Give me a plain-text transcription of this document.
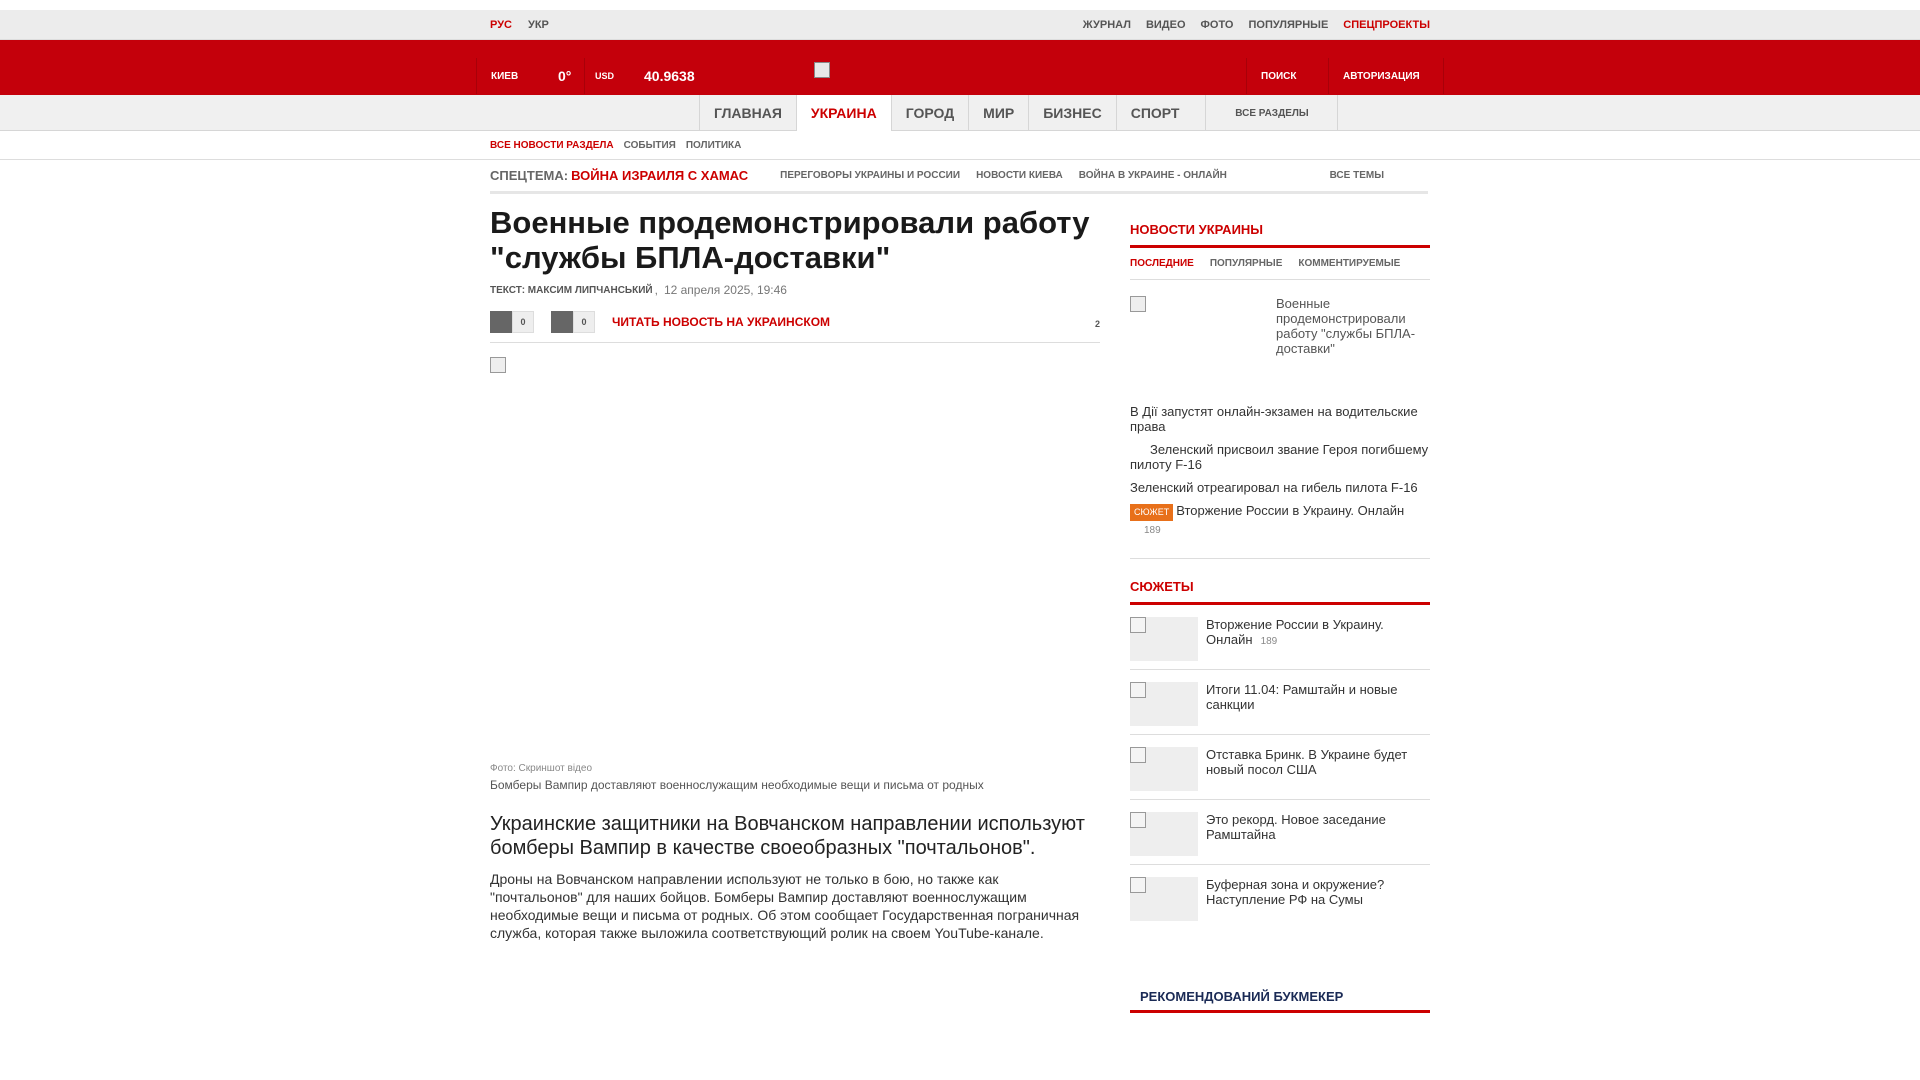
РУС УКР	ЖУРНАЛ ВИДЕО ФОТО ПОПУЛЯРНЫЕ СПЕЦПРОЕКТЫ
КИЕВ	0°	USD	40.9638	ПОИСК	АВТОРИЗАЦИЯ
ГЛАВНАЯ	УКРАИНА	ГОРОД	МИР	БИЗНЕС	СПОРТ	ВСЕ РАЗДЕЛЫ
ВСЕ НОВОСТИ РАЗДЕЛА СОБЫТИЯ ПОЛИТИКА
СПЕЦТЕМА: ВОЙНА ИЗРАИЛЯ С ХАМАС	ПЕРЕГОВОРЫ УКРАИНЫ И РОССИИ НОВОСТИ КИЕВА ВОЙНА В УКРАИНЕ - ОНЛАЙН	ВСЕ ТЕМЫ
Военные продемонстрировали работу "службы БПЛА-доставки"
ТЕКСТ: МАКСИМ ЛИПЧАНСЬКИЙ , 12 апреля 2025, 19:46
0	0	ЧИТАТЬ НОВОСТЬ НА УКРАИНСКОМ	2
Фото: Скриншот відео
Бомберы Вампир доставляют военнослужащим необходимые вещи и письма от родных

Украинские защитники на Вовчанском направлении используют бомберы Вампир в качестве своеобразных "почтальонов".

Дроны на Вовчанском направлении используют не только в бою, но также как "почтальонов" для наших бойцов. Бомберы Вампир доставляют военнослужащим необходимые вещи и письма от родных. Об этом сообщает Государственная пограничная служба, которая также выложила соответствующий ролик на своем YouTube-канале.

НОВОСТИ УКРАИНЫ
ПОСЛЕДНИЕ ПОПУЛЯРНЫЕ КОММЕНТИРУЕМЫЕ
Военные продемонстрировали работу "службы БПЛА-доставки"
В Дії запустят онлайн-экзамен на водительские права
Зеленский присвоил звание Героя погибшему пилоту F-16
Зеленский отреагировал на гибель пилота F-16
СЮЖЕТ Вторжение России в Украину. Онлайн
189
СЮЖЕТЫ
Вторжение России в Украину. Онлайн 189
Итоги 11.04: Рамштайн и новые санкции
Отставка Бринк. В Украине будет новый посол США
Это рекорд. Новое заседание Рамштайна
Буферная зона и окружение? Наступление РФ на Сумы
РЕКОМЕНДОВАНИЙ БУКМЕКЕР
